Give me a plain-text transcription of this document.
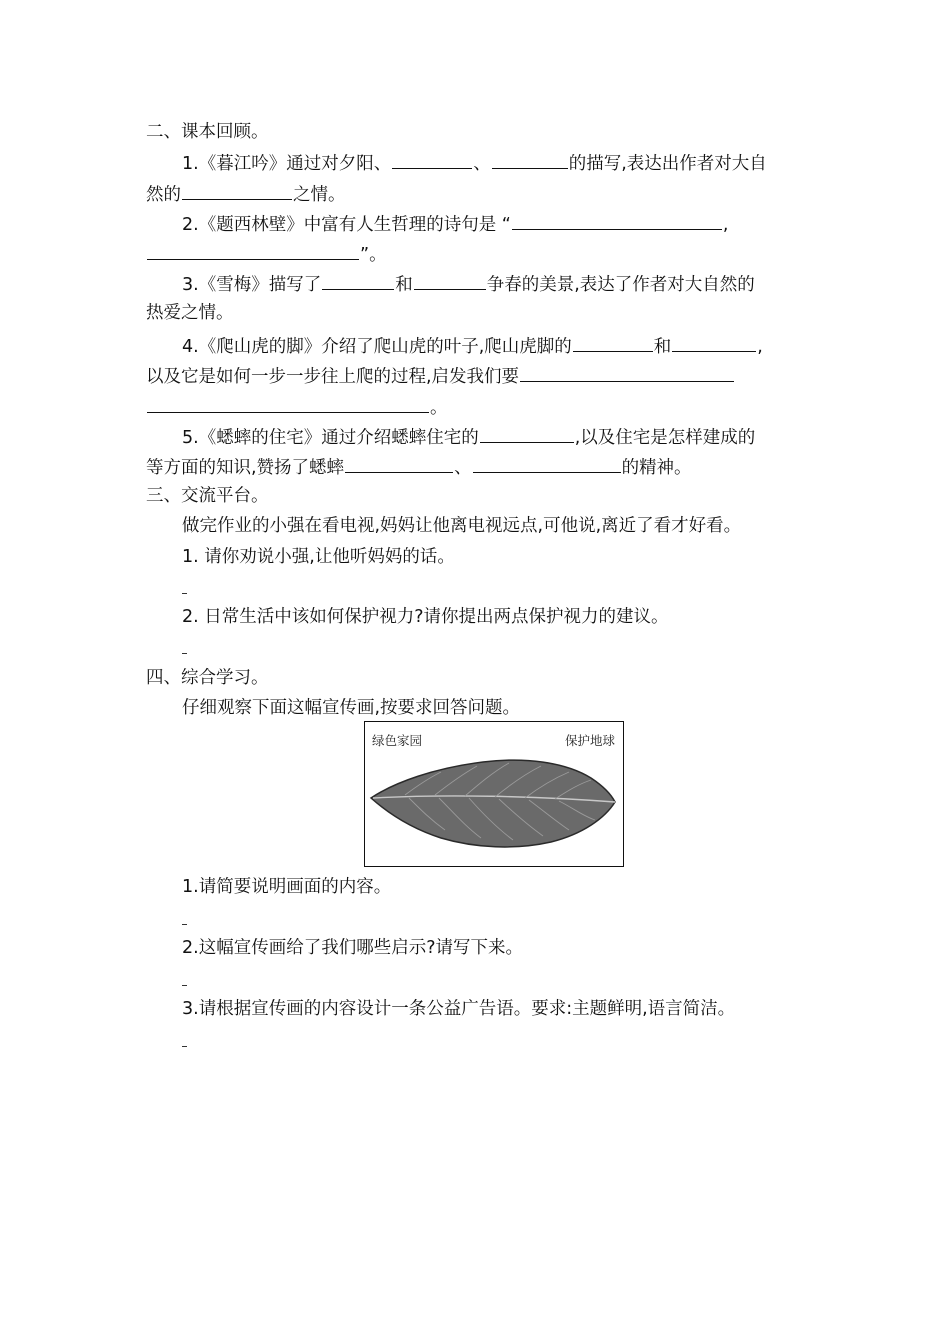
二、课本回顾。
1.《暮江吟》通过对夕阳、	、	的描写,表达出作者对大自
然的	之情。
2.《题西林壁》中富有人生哲理的诗句是 “	,
”。
3.《雪梅》描写了	和	争春的美景,表达了作者对大自然的
热爱之情。
4.《爬山虎的脚》介绍了爬山虎的叶子,爬山虎脚的	和	,
以及它是如何一步一步往上爬的过程,启发我们要
。
5.《蟋蟀的住宅》通过介绍蟋蟀住宅的	,以及住宅是怎样建成的
等方面的知识,赞扬了蟋蟀	、	的精神。
三、交流平台。
做完作业的小强在看电视,妈妈让他离电视远点,可他说,离近了看才好看。
1. 请你劝说小强,让他听妈妈的话。
2. 日常生活中该如何保护视力?请你提出两点保护视力的建议。
四、综合学习。
仔细观察下面这幅宣传画,按要求回答问题。
绿色家园	保护地球
1.请简要说明画面的内容。
2.这幅宣传画给了我们哪些启示?请写下来。
3.请根据宣传画的内容设计一条公益广告语。要求:主题鲜明,语言简洁。
